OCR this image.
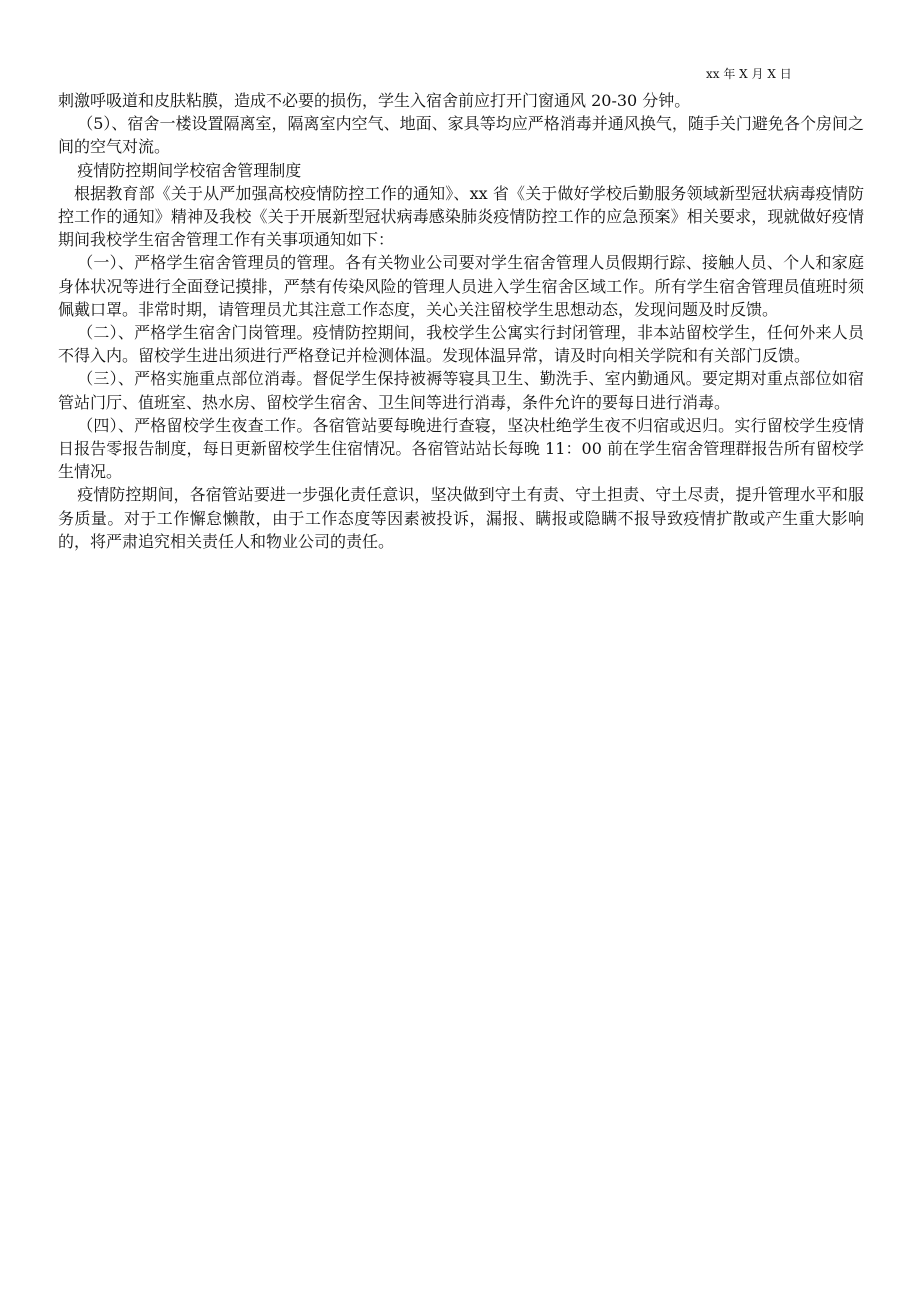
xx 年 X 月 X 日

刺激呼吸道和皮肤粘膜，造成不必要的损伤，学生入宿舍前应打开门窗通风 20-30 分钟。

（5）、宿舍一楼设置隔离室，隔离室内空气、地面、家具等均应严格消毒并通风换气，随手关门避免各个房间之间的空气对流。

疫情防控期间学校宿舍管理制度

根据教育部《关于从严加强高校疫情防控工作的通知》、xx 省《关于做好学校后勤服务领域新型冠状病毒疫情防控工作的通知》精神及我校《关于开展新型冠状病毒感染肺炎疫情防控工作的应急预案》相关要求，现就做好疫情期间我校学生宿舍管理工作有关事项通知如下：

（一）、严格学生宿舍管理员的管理。各有关物业公司要对学生宿舍管理人员假期行踪、接触人员、个人和家庭身体状况等进行全面登记摸排，严禁有传染风险的管理人员进入学生宿舍区域工作。所有学生宿舍管理员值班时须佩戴口罩。非常时期，请管理员尤其注意工作态度，关心关注留校学生思想动态，发现问题及时反馈。

（二）、严格学生宿舍门岗管理。疫情防控期间，我校学生公寓实行封闭管理，非本站留校学生，任何外来人员不得入内。留校学生进出须进行严格登记并检测体温。发现体温异常，请及时向相关学院和有关部门反馈。

（三）、严格实施重点部位消毒。督促学生保持被褥等寝具卫生、勤洗手、室内勤通风。要定期对重点部位如宿管站门厅、值班室、热水房、留校学生宿舍、卫生间等进行消毒，条件允许的要每日进行消毒。

（四）、严格留校学生夜查工作。各宿管站要每晚进行查寝，坚决杜绝学生夜不归宿或迟归。实行留校学生疫情日报告零报告制度，每日更新留校学生住宿情况。各宿管站站长每晚 11：00 前在学生宿舍管理群报告所有留校学生情况。

疫情防控期间，各宿管站要进一步强化责任意识，坚决做到守土有责、守土担责、守土尽责，提升管理水平和服务质量。对于工作懈怠懒散，由于工作态度等因素被投诉，漏报、瞒报或隐瞒不报导致疫情扩散或产生重大影响的，将严肃追究相关责任人和物业公司的责任。
